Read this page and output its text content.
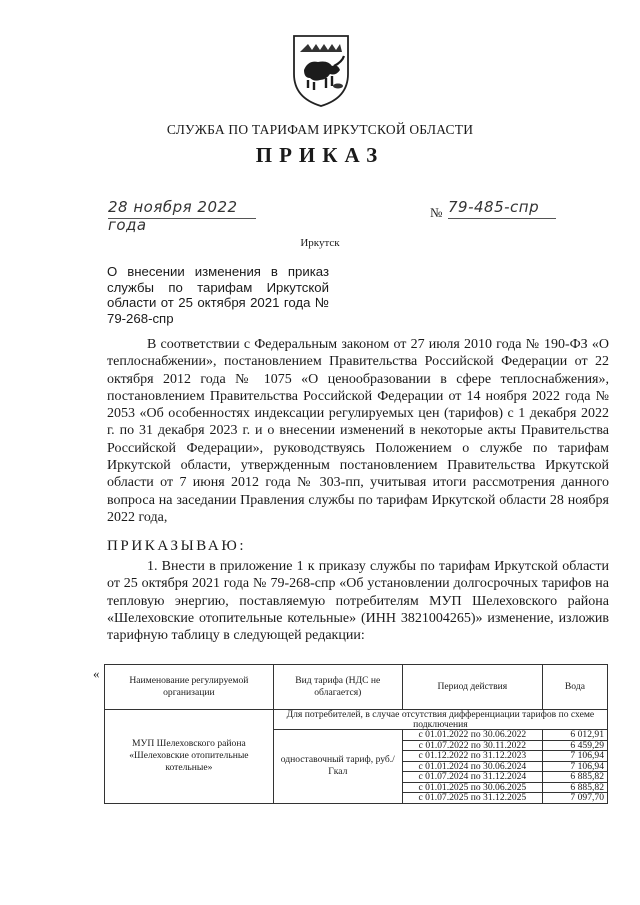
СЛУЖБА ПО ТАРИФАМ ИРКУТСКОЙ ОБЛАСТИ
ПРИКАЗ
28 ноября 2022 года
№ 79-485-спр
Иркутск
О внесении изменения в приказ службы по тарифам Иркутской области от 25 октября 2021 года № 79-268-спр

В соответствии с Федеральным законом от 27 июля 2010 года № 190-ФЗ «О теплоснабжении», постановлением Правительства Российской Федерации от 22 октября 2012 года № 1075 «О ценообразовании в сфере теплоснабжения», постановлением Правительства Российской Федерации от 14 ноября 2022 года № 2053 «Об особенностях индексации регулируемых цен (тарифов) с 1 декабря 2022 г. по 31 декабря 2023 г. и о внесении изменений в некоторые акты Правительства Российской Федерации», руководствуясь Положением о службе по тарифам Иркутской области, утвержденным постановлением Правительства Иркутской области от 7 июня 2012 года № 303-пп, учитывая итоги рассмотрения данного вопроса на заседании Правления службы по тарифам Иркутской области 28 ноября 2022 года,

ПРИКАЗЫВАЮ:

1. Внести в приложение 1 к приказу службы по тарифам Иркутской области от 25 октября 2021 года № 79-268-спр «Об установлении долгосрочных тарифов на тепловую энергию, поставляемую потребителям МУП Шелеховского района «Шелеховские отопительные котельные» (ИНН 3821004265)» изменение, изложив тарифную таблицу в следующей редакции:

«	Наименование регулируемой организации	Вид тарифа (НДС не облагается)	Период действия	Вода
МУП Шелеховского района «Шелеховские отопительные котельные»	Для потребителей, в случае отсутствия дифференциации тарифов по схеме подключения		
	одноставочный тариф, руб./Гкал	с 01.01.2022 по 30.06.2022	6 012,91
		с 01.07.2022 по 30.11.2022	6 459,29
		с 01.12.2022 по 31.12.2023	7 106,94
		с 01.01.2024 по 30.06.2024	7 106,94
		с 01.07.2024 по 31.12.2024	6 885,82
		с 01.01.2025 по 30.06.2025	6 885,82
		с 01.07.2025 по 31.12.2025	7 097,70
